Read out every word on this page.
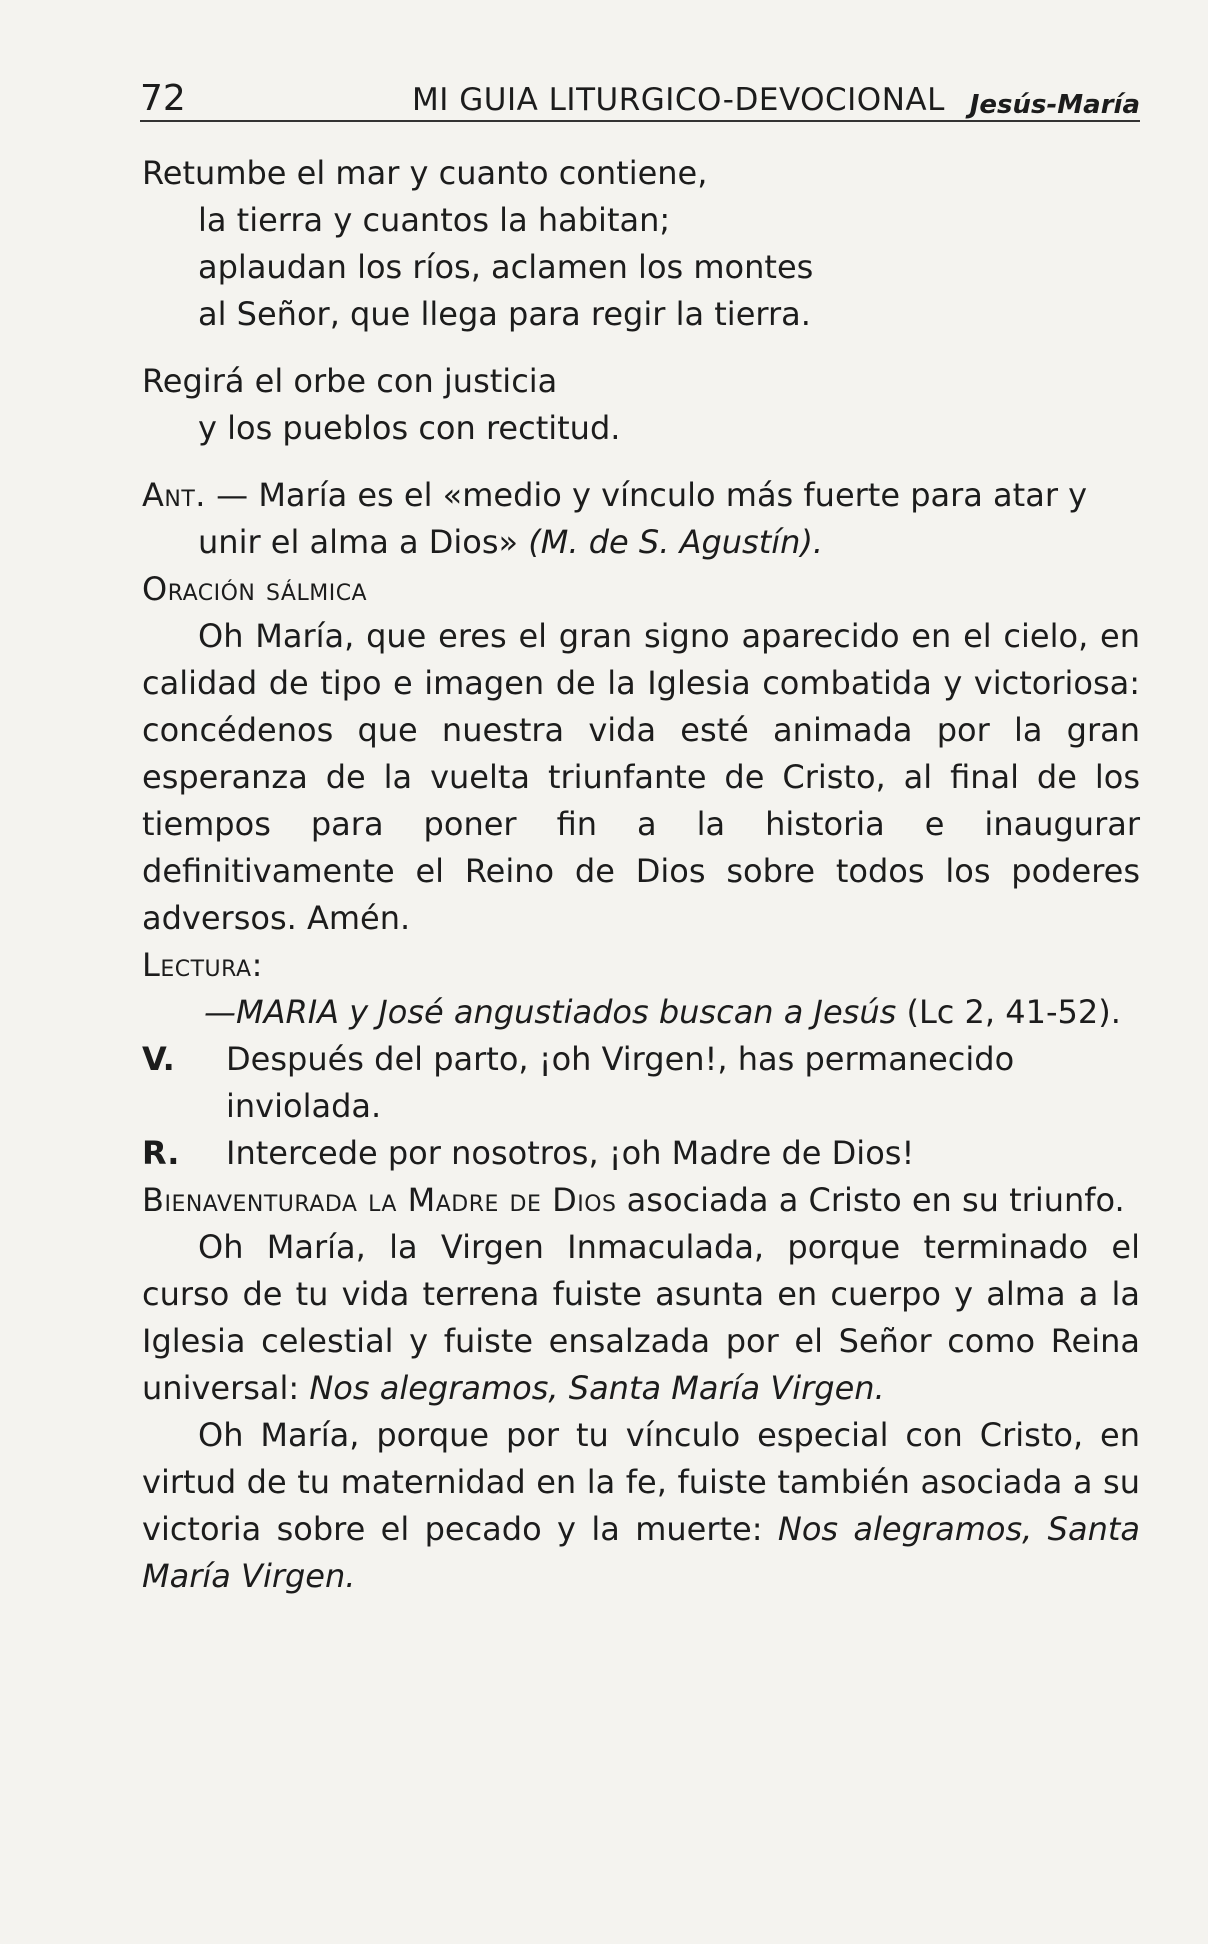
72	MI GUIA LITURGICO-DEVOCIONAL Jesús-María

Retumbe el mar y cuanto contiene,

la tierra y cuantos la habitan;

aplaudan los ríos, aclamen los montes

al Señor, que llega para regir la tierra.

Regirá el orbe con justicia

y los pueblos con rectitud.

Ant. — María es el «medio y vínculo más fuerte para atar y unir el alma a Dios» (M. de S. Agustín).

Oración sálmica

Oh María, que eres el gran signo aparecido en el cielo, en calidad de tipo e imagen de la Iglesia combatida y victoriosa: concédenos que nuestra vida esté animada por la gran esperanza de la vuelta triunfante de Cristo, al final de los tiempos para poner fin a la historia e inaugurar definitivamente el Reino de Dios sobre todos los poderes adversos. Amén.

Lectura:

—MARIA y José angustiados buscan a Jesús (Lc 2, 41-52).

V.	Después del parto, ¡oh Virgen!, has permanecido inviolada.
R.	Intercede por nosotros, ¡oh Madre de Dios!

Bienaventurada la Madre de Dios asociada a Cristo en su triunfo.

Oh María, la Virgen Inmaculada, porque terminado el curso de tu vida terrena fuiste asunta en cuerpo y alma a la Iglesia celestial y fuiste ensalzada por el Señor como Reina universal: Nos alegramos, Santa María Virgen.

Oh María, porque por tu vínculo especial con Cristo, en virtud de tu maternidad en la fe, fuiste también asociada a su victoria sobre el pecado y la muerte: Nos alegramos, Santa María Virgen.
